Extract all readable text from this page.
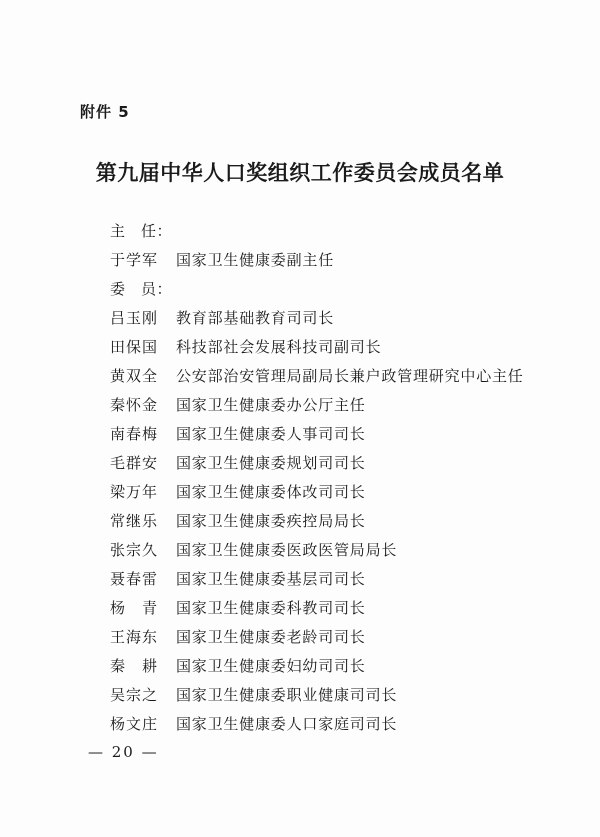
附件 5
第九届中华人口奖组织工作委员会成员名单
主　任：
于学军	国家卫生健康委副主任
委　员：
吕玉刚	教育部基础教育司司长
田保国	科技部社会发展科技司副司长
黄双全	公安部治安管理局副局长兼户政管理研究中心主任
秦怀金	国家卫生健康委办公厅主任
南春梅	国家卫生健康委人事司司长
毛群安	国家卫生健康委规划司司长
梁万年	国家卫生健康委体改司司长
常继乐	国家卫生健康委疾控局局长
张宗久	国家卫生健康委医政医管局局长
聂春雷	国家卫生健康委基层司司长
杨　青	国家卫生健康委科教司司长
王海东	国家卫生健康委老龄司司长
秦　耕	国家卫生健康委妇幼司司长
吴宗之	国家卫生健康委职业健康司司长
杨文庄	国家卫生健康委人口家庭司司长
— 20 —
